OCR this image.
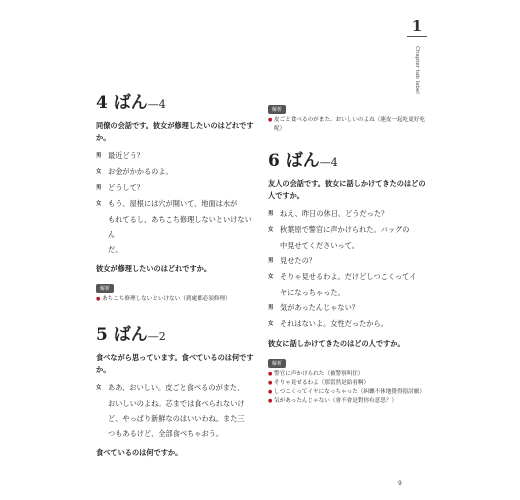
1
Chapter tab label
4 ばん—4

同僚の会話です。彼女が修理したいのはどれですか。

男 最近どう？
女 お金がかかるのよ。
男 どうして？
女 もう、屋根には穴が開いて、地面は水が
もれてるし、あちこち修理しないといけないん
だ。

彼女が修理したいのはどれですか。

解析
● あちこち修理しないといけない（到處都必須修理）
5 ばん—2

食べながら思っています。食べているのは何ですか。

女 ああ、おいしい。皮ごと食べるのがまた、
おいしいのよね。芯までは食べられないけ
ど、やっぱり新鮮なのはいいわね。また三
つもあるけど、全部食べちゃおう。

食べているのは何ですか。

解析
● 皮ごと食べるのがまた、おいしいのよね（連皮一起吃更好吃呢）
6 ばん—4

友人の会話です。彼女に話しかけてきたのはどの人ですか。

男 ねえ、昨日の休日、どうだった？
女 秋葉原で警官に声かけられた。バッグの
中見せてくださいって。
男 見せたの？
女 そりゃ見せるわよ。だけどしつこくってイ
ヤになっちゃった。
男 気があったんじゃない？
女 それはないよ。女性だったから。

彼女に話しかけてきたのはどの人ですか。

解析
● 警官に声かけられた（被警察叫住）
● そりゃ見せるわよ（那當然是給看啊）
● しつこくってイヤになっちゃった（糾纏不休地覺得很討厭）
● 気があったんじゃない（會不會是對你有意思？）
9
